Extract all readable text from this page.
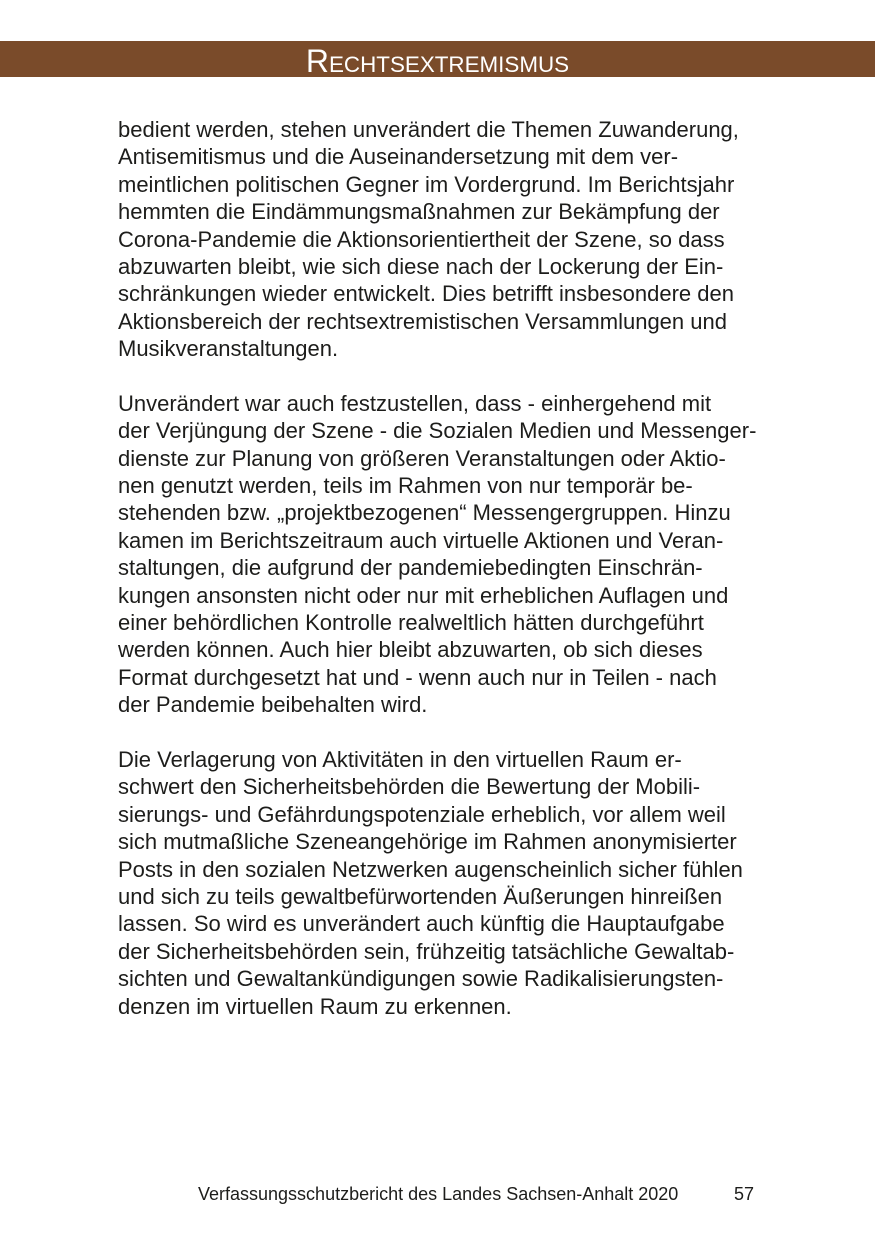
RECHTSEXTREMISMUS
bedient werden, stehen unverändert die Themen Zuwanderung,
Antisemitismus und die Auseinandersetzung mit dem ver-
meintlichen politischen Gegner im Vordergrund. Im Berichtsjahr
hemmten die Eindämmungsmaßnahmen zur Bekämpfung der
Corona-Pandemie die Aktionsorientiertheit der Szene, so dass
abzuwarten bleibt, wie sich diese nach der Lockerung der Ein-
schränkungen wieder entwickelt. Dies betrifft insbesondere den
Aktionsbereich der rechtsextremistischen Versammlungen und
Musikveranstaltungen.
Unverändert war auch festzustellen, dass - einhergehend mit
der Verjüngung der Szene - die Sozialen Medien und Messenger-
dienste zur Planung von größeren Veranstaltungen oder Aktio-
nen genutzt werden, teils im Rahmen von nur temporär be-
stehenden bzw. „projektbezogenen“ Messengergruppen. Hinzu
kamen im Berichtszeitraum auch virtuelle Aktionen und Veran-
staltungen, die aufgrund der pandemiebedingten Einschrän-
kungen ansonsten nicht oder nur mit erheblichen Auflagen und
einer behördlichen Kontrolle realweltlich hätten durchgeführt
werden können. Auch hier bleibt abzuwarten, ob sich dieses
Format durchgesetzt hat und - wenn auch nur in Teilen - nach
der Pandemie beibehalten wird.
Die Verlagerung von Aktivitäten in den virtuellen Raum er-
schwert den Sicherheitsbehörden die Bewertung der Mobili-
sierungs- und Gefährdungspotenziale erheblich, vor allem weil
sich mutmaßliche Szeneangehörige im Rahmen anonymisierter
Posts in den sozialen Netzwerken augenscheinlich sicher fühlen
und sich zu teils gewaltbefürwortenden Äußerungen hinreißen
lassen. So wird es unverändert auch künftig die Hauptaufgabe
der Sicherheitsbehörden sein, frühzeitig tatsächliche Gewaltab-
sichten und Gewaltankündigungen sowie Radikalisierungsten-
denzen im virtuellen Raum zu erkennen.
Verfassungsschutzbericht des Landes Sachsen-Anhalt 2020	57
